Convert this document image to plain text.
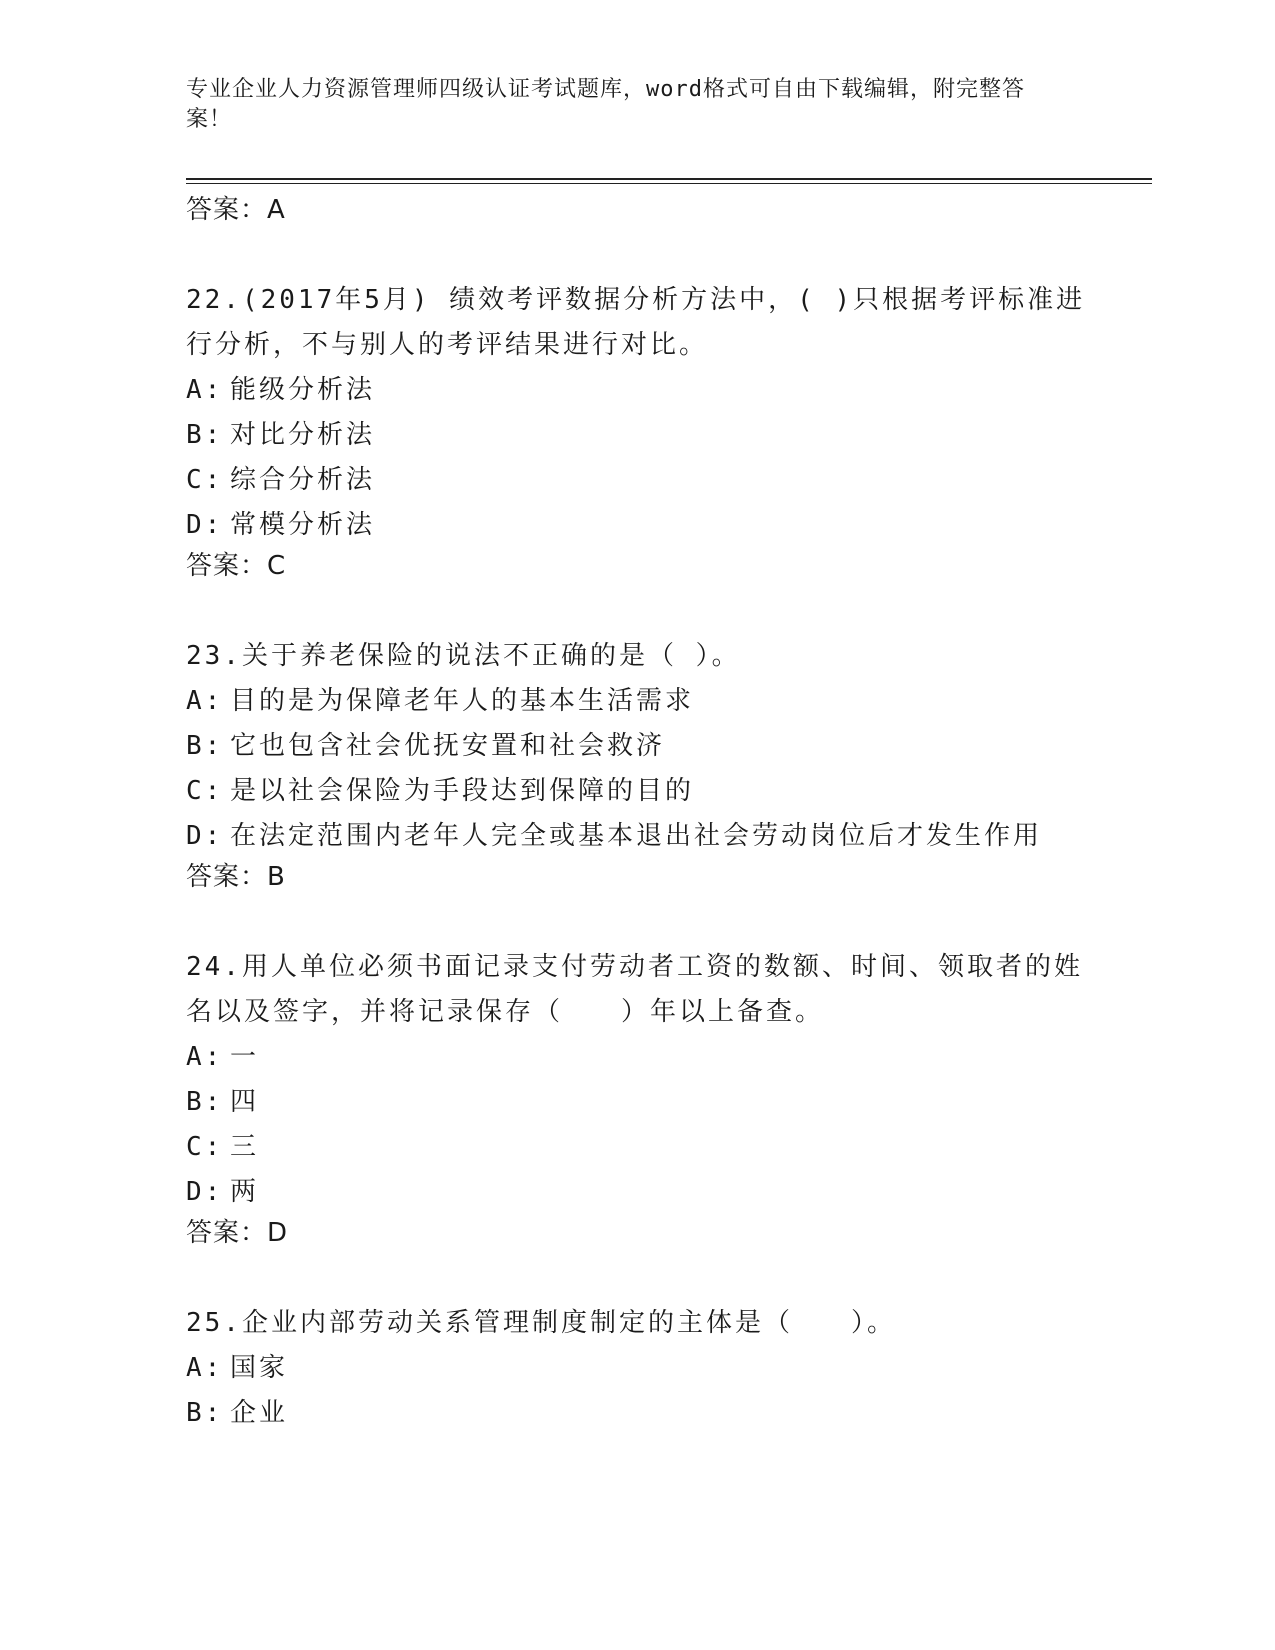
专业企业人力资源管理师四级认证考试题库，word格式可自由下载编辑，附完整答案！
答案：A
22.(2017年5月) 绩效考评数据分析方法中，( )只根据考评标准进行分析，不与别人的考评结果进行对比。
A: 能级分析法
B: 对比分析法
C: 综合分析法
D: 常模分析法
答案：C
23.关于养老保险的说法不正确的是（ ）。
A: 目的是为保障老年人的基本生活需求
B: 它也包含社会优抚安置和社会救济
C: 是以社会保险为手段达到保障的目的
D: 在法定范围内老年人完全或基本退出社会劳动岗位后才发生作用
答案：B
24.用人单位必须书面记录支付劳动者工资的数额、时间、领取者的姓名以及签字，并将记录保存（　　）年以上备查。
A: 一
B: 四
C: 三
D: 两
答案：D
25.企业内部劳动关系管理制度制定的主体是（　　）。
A: 国家
B: 企业
